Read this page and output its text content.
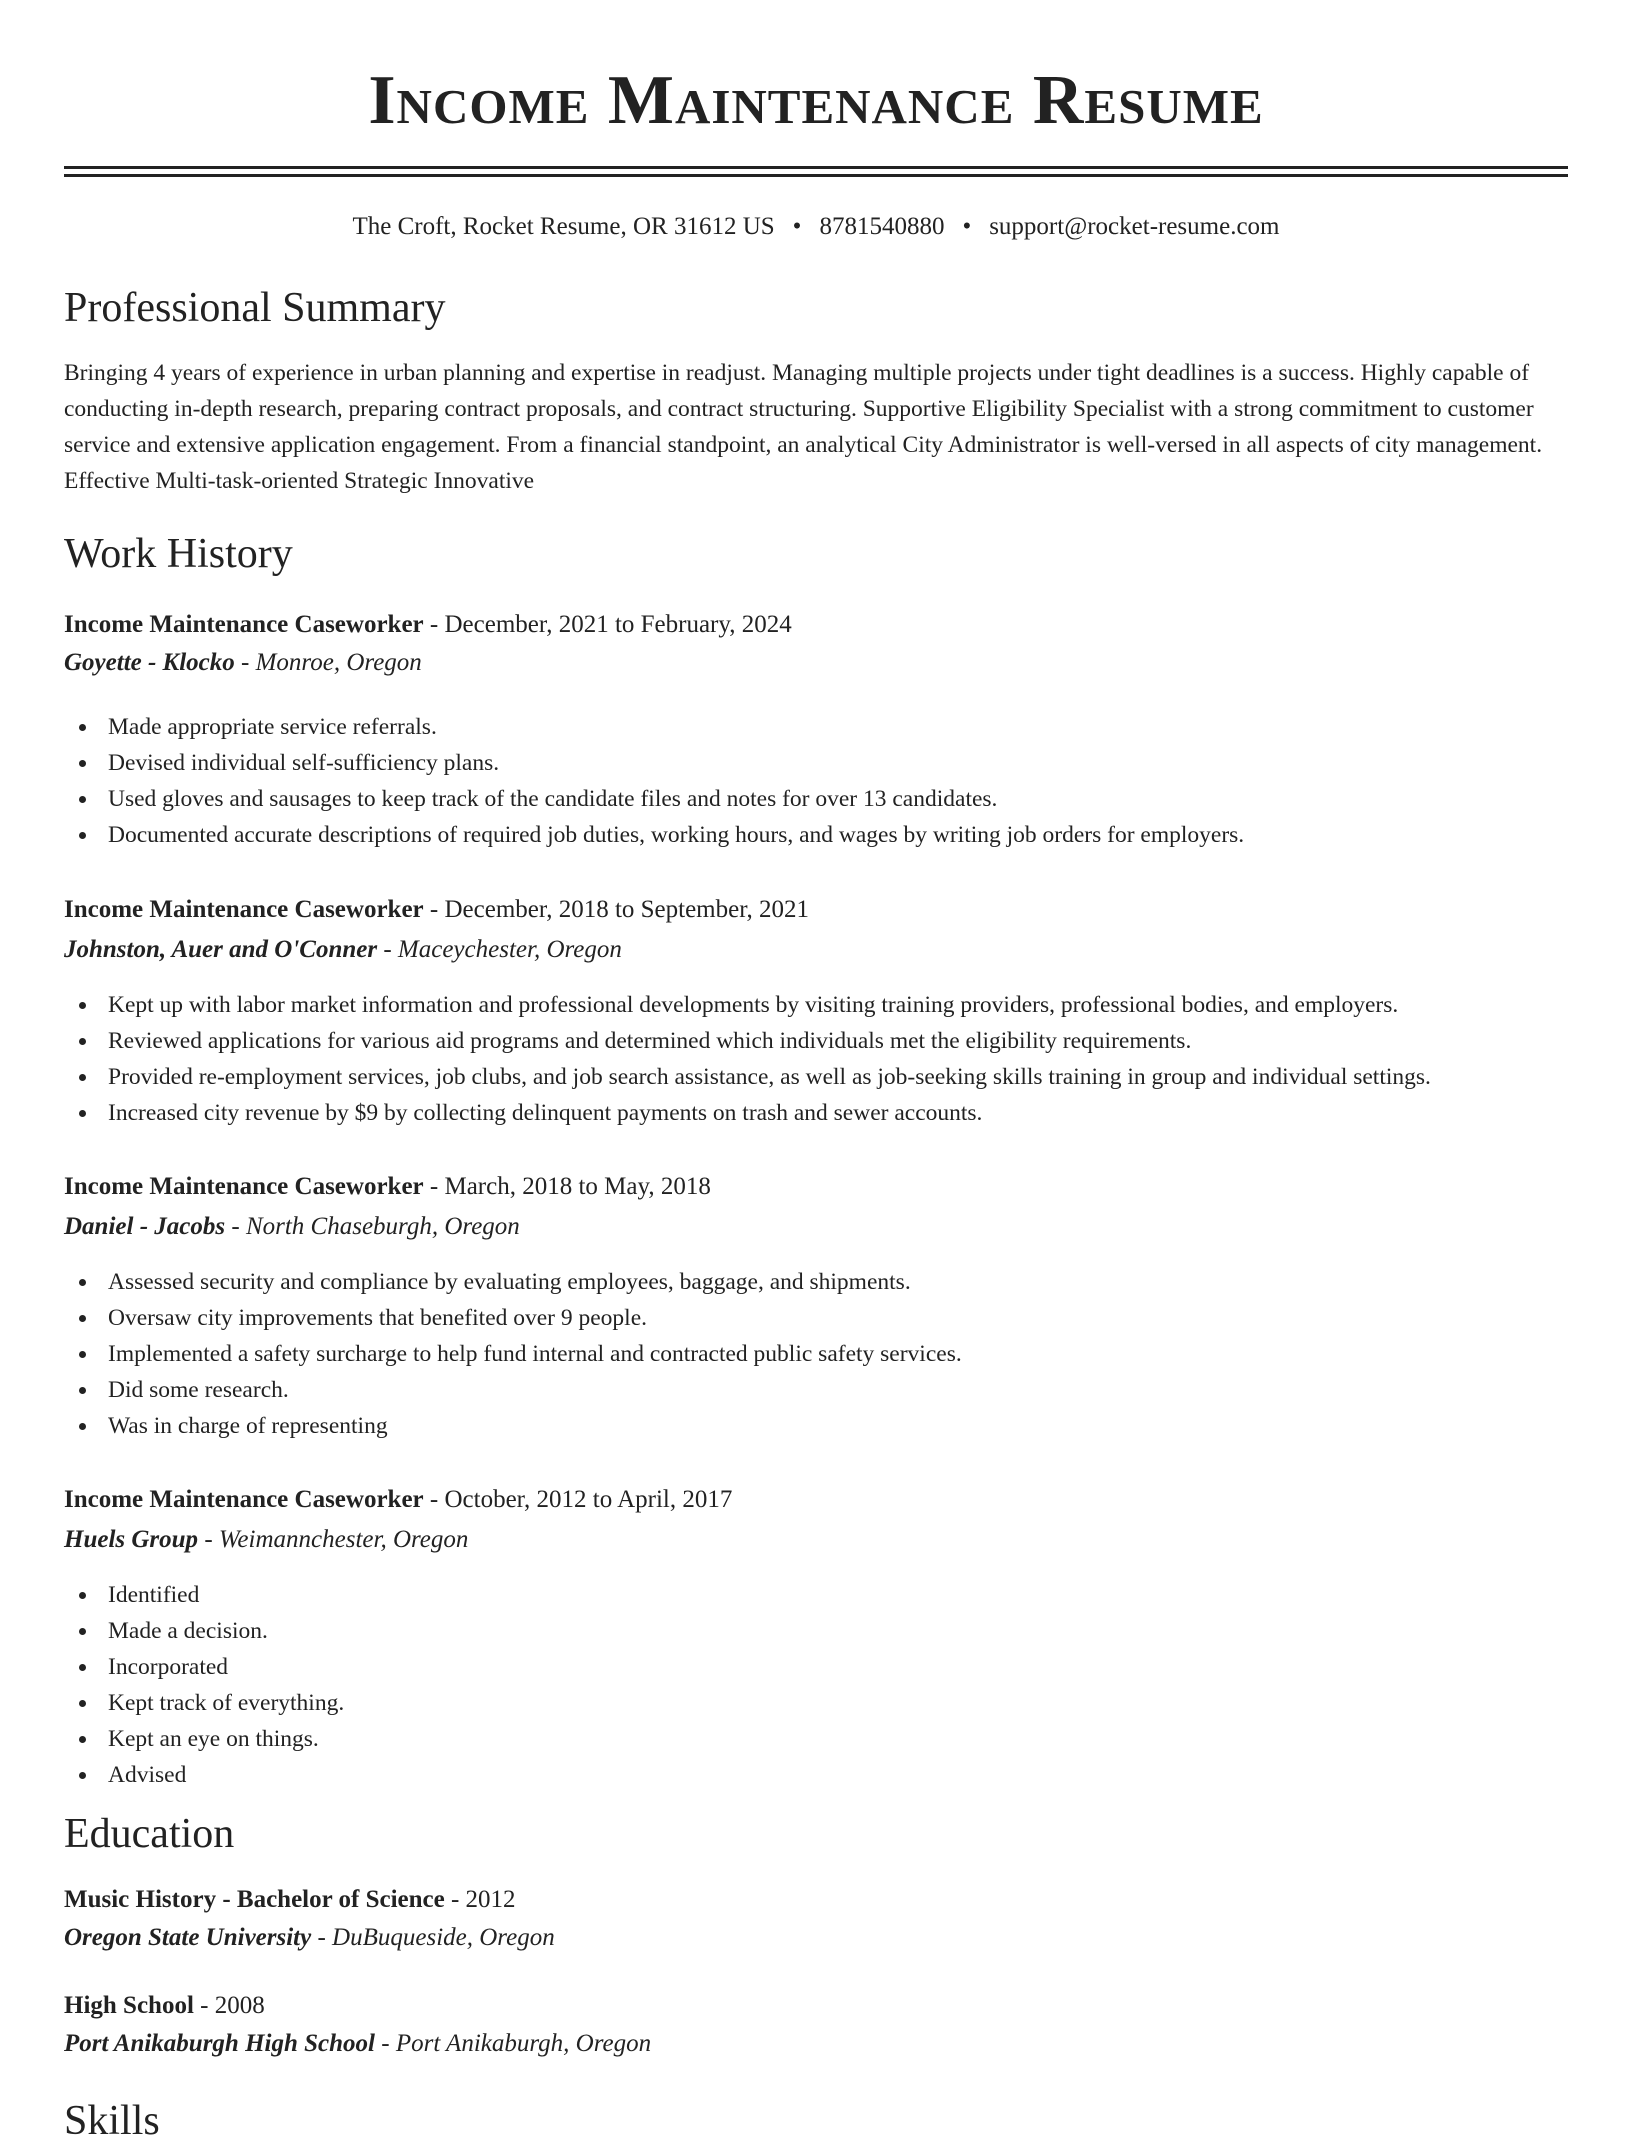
Income Maintenance Resume
The Croft, Rocket Resume, OR 31612 US • 8781540880 • support@rocket-resume.com
Professional Summary

Bringing 4 years of experience in urban planning and expertise in readjust. Managing multiple projects under tight deadlines is a success. Highly capable of conducting in-depth research, preparing contract proposals, and contract structuring. Supportive Eligibility Specialist with a strong commitment to customer service and extensive application engagement. From a financial standpoint, an analytical City Administrator is well-versed in all aspects of city management. Effective Multi-task-oriented Strategic Innovative

Work History
Income Maintenance Caseworker - December, 2021 to February, 2024
Goyette - Klocko - Monroe, Oregon
Made appropriate service referrals.
Devised individual self-sufficiency plans.
Used gloves and sausages to keep track of the candidate files and notes for over 13 candidates.
Documented accurate descriptions of required job duties, working hours, and wages by writing job orders for employers.
Income Maintenance Caseworker - December, 2018 to September, 2021
Johnston, Auer and O'Conner - Maceychester, Oregon
Kept up with labor market information and professional developments by visiting training providers, professional bodies, and employers.
Reviewed applications for various aid programs and determined which individuals met the eligibility requirements.
Provided re-employment services, job clubs, and job search assistance, as well as job-seeking skills training in group and individual settings.
Increased city revenue by $9 by collecting delinquent payments on trash and sewer accounts.
Income Maintenance Caseworker - March, 2018 to May, 2018
Daniel - Jacobs - North Chaseburgh, Oregon
Assessed security and compliance by evaluating employees, baggage, and shipments.
Oversaw city improvements that benefited over 9 people.
Implemented a safety surcharge to help fund internal and contracted public safety services.
Did some research.
Was in charge of representing
Income Maintenance Caseworker - October, 2012 to April, 2017
Huels Group - Weimannchester, Oregon
Identified
Made a decision.
Incorporated
Kept track of everything.
Kept an eye on things.
Advised
Education
Music History - Bachelor of Science - 2012
Oregon State University - DuBuqueside, Oregon
High School - 2008
Port Anikaburgh High School - Port Anikaburgh, Oregon
Skills
